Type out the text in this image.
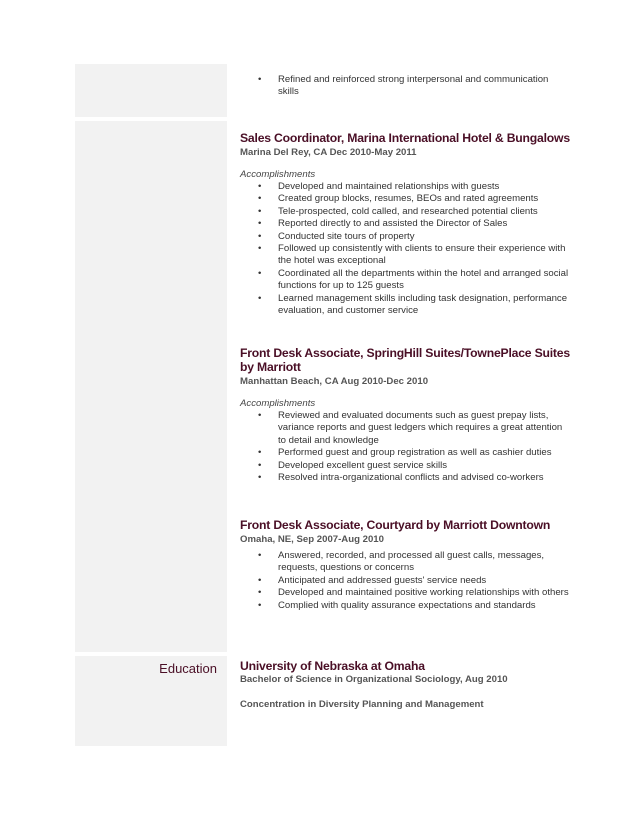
Education
• Refined and reinforced strong interpersonal and communication skills
Sales Coordinator, Marina International Hotel & Bungalows
Marina Del Rey, CA Dec 2010-May 2011
Accomplishments
• Developed and maintained relationships with guests
• Created group blocks, resumes, BEOs and rated agreements
• Tele-prospected, cold called, and researched potential clients
• Reported directly to and assisted the Director of Sales
• Conducted site tours of property
• Followed up consistently with clients to ensure their experience with the hotel was exceptional
• Coordinated all the departments within the hotel and arranged social functions for up to 125 guests
• Learned management skills including task designation, performance evaluation, and customer service
Front Desk Associate, SpringHill Suites/TownePlace Suites by Marriott
Manhattan Beach, CA Aug 2010-Dec 2010
Accomplishments
• Reviewed and evaluated documents such as guest prepay lists, variance reports and guest ledgers which requires a great attention to detail and knowledge
• Performed guest and group registration as well as cashier duties
• Developed excellent guest service skills
• Resolved intra-organizational conflicts and advised co-workers
Front Desk Associate, Courtyard by Marriott Downtown
Omaha, NE, Sep 2007-Aug 2010
• Answered, recorded, and processed all guest calls, messages, requests, questions or concerns
• Anticipated and addressed guests' service needs
• Developed and maintained positive working relationships with others
• Complied with quality assurance expectations and standards
University of Nebraska at Omaha
Bachelor of Science in Organizational Sociology, Aug 2010
Concentration in Diversity Planning and Management
